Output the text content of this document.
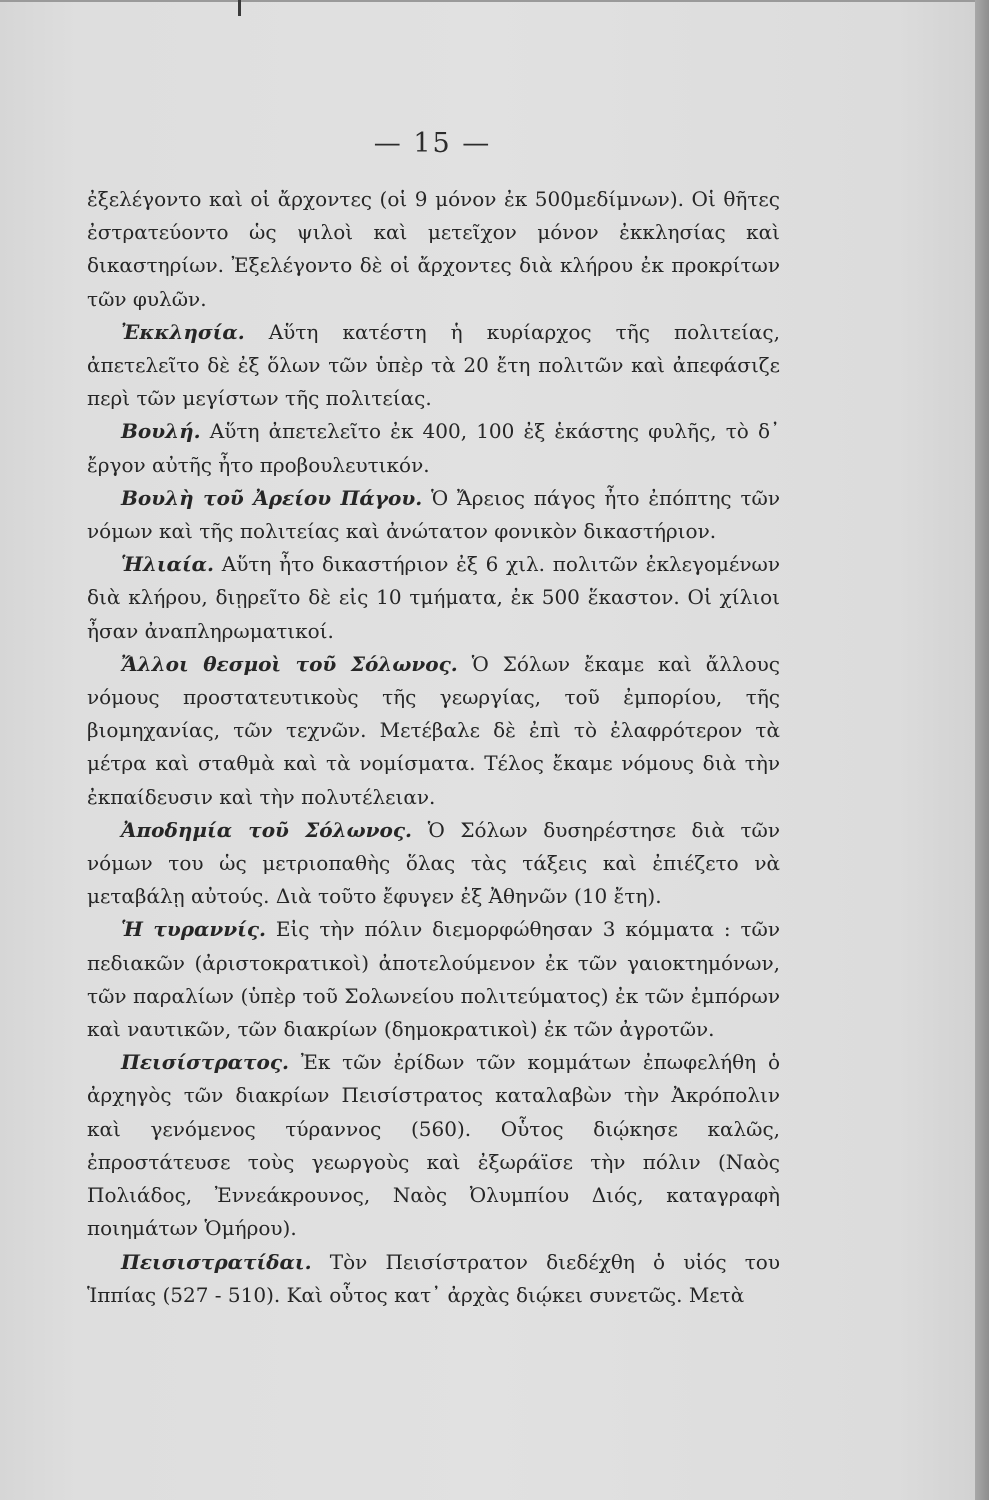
— 15 —

ἐξελέγοντο καὶ οἱ ἄρχοντες (οἱ 9 μόνον ἐκ 500μεδίμνων). Οἱ θῆτες ἐστρατεύοντο ὡς ψιλοὶ καὶ μετεῖχον μόνον ἐκκλησίας καὶ δικαστηρίων. Ἐξελέγοντο δὲ οἱ ἄρχοντες διὰ κλήρου ἐκ προκρίτων τῶν φυλῶν.

Ἐκκλησία. Αὕτη κατέστη ἡ κυρίαρχος τῆς πολιτείας, ἀπετελεῖτο δὲ ἐξ ὅλων τῶν ὑπὲρ τὰ 20 ἔτη πολιτῶν καὶ ἀπεφάσιζε περὶ τῶν μεγίστων τῆς πολιτείας.

Βουλή. Αὕτη ἀπετελεῖτο ἐκ 400, 100 ἐξ ἑκάστης φυλῆς, τὸ δ᾽ ἔργον αὐτῆς ἦτο προβουλευτικόν.

Βουλὴ τοῦ Ἀρείου Πάγου. Ὁ Ἄρειος πάγος ἦτο ἐπόπτης τῶν νόμων καὶ τῆς πολιτείας καὶ ἀνώτατον φονικὸν δικαστήριον.

Ἡλιαία. Αὕτη ἦτο δικαστήριον ἐξ 6 χιλ. πολιτῶν ἐκλεγομένων διὰ κλήρου, διῃρεῖτο δὲ εἰς 10 τμήματα, ἐκ 500 ἕκαστον. Οἱ χίλιοι ἦσαν ἀναπληρωματικοί.

Ἄλλοι θεσμοὶ τοῦ Σόλωνος. Ὁ Σόλων ἔκαμε καὶ ἄλλους νόμους προστατευτικοὺς τῆς γεωργίας, τοῦ ἐμπορίου, τῆς βιομηχανίας, τῶν τεχνῶν. Μετέβαλε δὲ ἐπὶ τὸ ἐλαφρότερον τὰ μέτρα καὶ σταθμὰ καὶ τὰ νομίσματα. Τέλος ἔκαμε νόμους διὰ τὴν ἐκπαίδευσιν καὶ τὴν πολυτέλειαν.

Ἀποδημία τοῦ Σόλωνος. Ὁ Σόλων δυσηρέστησε διὰ τῶν νόμων του ὡς μετριοπαθὴς ὅλας τὰς τάξεις καὶ ἐπιέζετο νὰ μεταβάλῃ αὐτούς. Διὰ τοῦτο ἔφυγεν ἐξ Ἀθηνῶν (10 ἔτη).

Ἡ τυραννίς. Εἰς τὴν πόλιν διεμορφώθησαν 3 κόμματα : τῶν πεδιακῶν (ἀριστοκρατικοὶ) ἀποτελούμενον ἐκ τῶν γαιοκτημόνων, τῶν παραλίων (ὑπὲρ τοῦ Σολωνείου πολιτεύματος) ἐκ τῶν ἐμπόρων καὶ ναυτικῶν, τῶν διακρίων (δημοκρατικοὶ) ἐκ τῶν ἀγροτῶν.

Πεισίστρατος. Ἐκ τῶν ἐρίδων τῶν κομμάτων ἐπωφελήθη ὁ ἀρχηγὸς τῶν διακρίων Πεισίστρατος καταλαβὼν τὴν Ἀκρόπολιν καὶ γενόμενος τύραννος (560). Οὗτος διῴκησε καλῶς, ἐπροστάτευσε τοὺς γεωργοὺς καὶ ἐξωράϊσε τὴν πόλιν (Ναὸς Πολιάδος, Ἐννεάκρουνος, Ναὸς Ὀλυμπίου Διός, καταγραφὴ ποιημάτων Ὁμήρου).

Πεισιστρατίδαι. Τὸν Πεισίστρατον διεδέχθη ὁ υἱός του Ἱππίας (527 - 510). Καὶ οὗτος κατ᾽ ἀρχὰς διῴκει συνετῶς. Μετὰ
